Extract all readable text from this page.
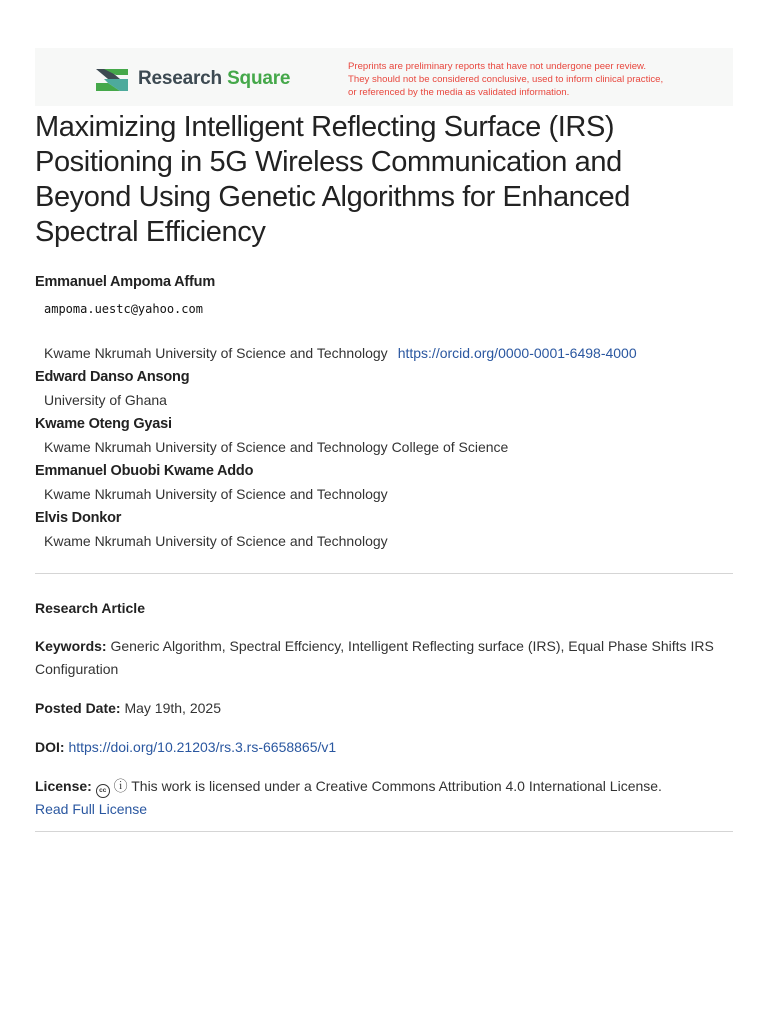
Research Square
Preprints are preliminary reports that have not undergone peer review.
They should not be considered conclusive, used to inform clinical practice,
or referenced by the media as validated information.
Maximizing Intelligent Reflecting Surface (IRS)
Positioning in 5G Wireless Communication and
Beyond Using Genetic Algorithms for Enhanced
Spectral Efficiency
Emmanuel Ampoma Affum
ampoma.uestc@yahoo.com
Kwame Nkrumah University of Science and Technology https://orcid.org/0000-0001-6498-4000
Edward Danso Ansong
University of Ghana
Kwame Oteng Gyasi
Kwame Nkrumah University of Science and Technology College of Science
Emmanuel Obuobi Kwame Addo
Kwame Nkrumah University of Science and Technology
Elvis Donkor
Kwame Nkrumah University of Science and Technology
Research Article
Keywords: Generic Algorithm, Spectral Effciency, Intelligent Reflecting surface (IRS), Equal Phase Shifts IRS Configuration
Posted Date: May 19th, 2025
DOI: https://doi.org/10.21203/rs.3.rs-6658865/v1
License: cc ⓘ This work is licensed under a Creative Commons Attribution 4.0 International License.
Read Full License
